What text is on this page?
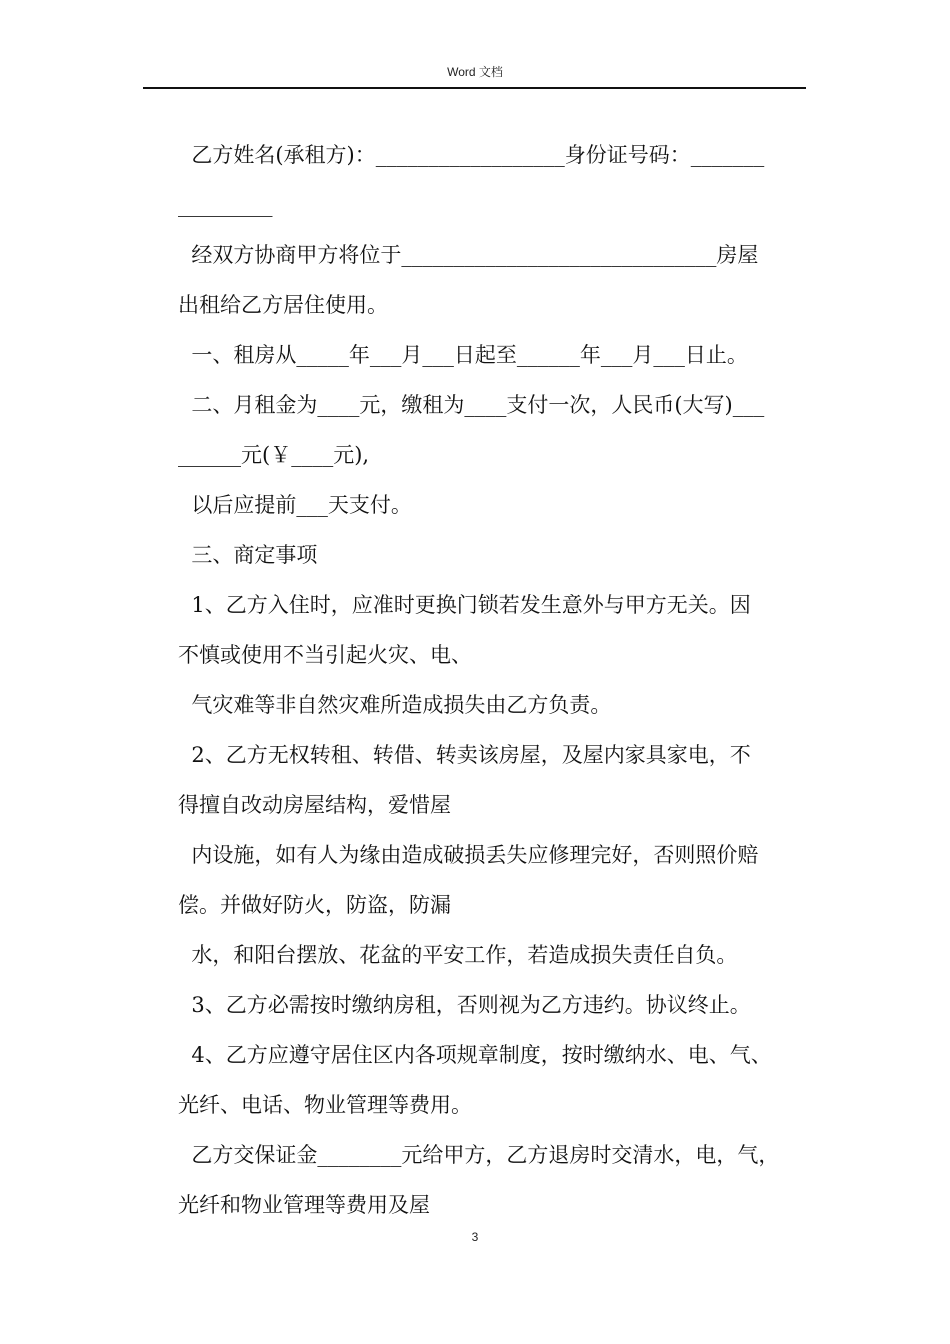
Word 文档
乙方姓名(承租方)：__________________身份证号码：_______
_________
经双方协商甲方将位于______________________________房屋
出租给乙方居住使用。
一、租房从_____年___月___日起至______年___月___日止。
二、月租金为____元，缴租为____支付一次，人民币(大写)___
______元(￥____元),
以后应提前___天支付。
三、商定事项
1、乙方入住时，应准时更换门锁若发生意外与甲方无关。因
不慎或使用不当引起火灾、电、
气灾难等非自然灾难所造成损失由乙方负责。
2、乙方无权转租、转借、转卖该房屋，及屋内家具家电，不
得擅自改动房屋结构，爱惜屋
内设施，如有人为缘由造成破损丢失应修理完好，否则照价赔
偿。并做好防火，防盗，防漏
水，和阳台摆放、花盆的平安工作，若造成损失责任自负。
3、乙方必需按时缴纳房租，否则视为乙方违约。协议终止。
4、乙方应遵守居住区内各项规章制度，按时缴纳水、电、气、
光纤、电话、物业管理等费用。
乙方交保证金________元给甲方，乙方退房时交清水，电，气，
光纤和物业管理等费用及屋
3
